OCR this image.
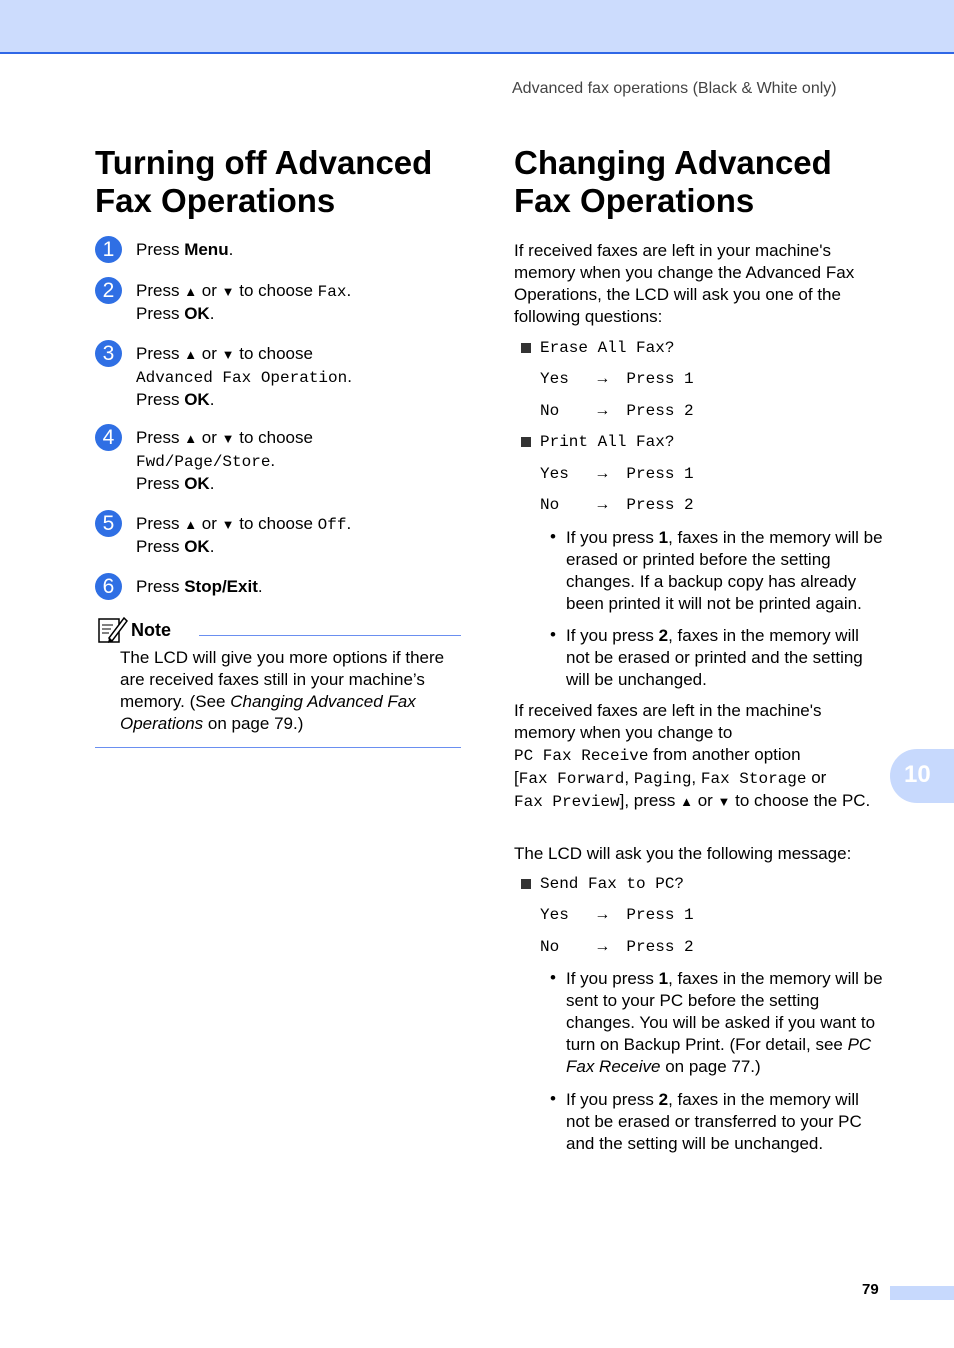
Advanced fax operations (Black & White only)
Turning off Advanced
Fax Operations
1	Press Menu.
2	Press ▲ or ▼ to choose Fax.
Press OK.
3	Press ▲ or ▼ to choose
Advanced Fax Operation.
Press OK.
4	Press ▲ or ▼ to choose
Fwd/Page/Store.
Press OK.
5	Press ▲ or ▼ to choose Off.
Press OK.
6	Press Stop/Exit.
Note
The LCD will give you more options if there are received faxes still in your machine’s memory. (See Changing Advanced Fax Operations on page 79.)
Changing Advanced
Fax Operations
If received faxes are left in your machine's memory when you change the Advanced Fax Operations, the LCD will ask you one of the following questions:
Erase All Fax?
Yes   →  Press 1
No    →  Press 2
Print All Fax?
Yes   →  Press 1
No    →  Press 2
• If you press 1, faxes in the memory will be erased or printed before the setting changes. If a backup copy has already been printed it will not be printed again.
• If you press 2, faxes in the memory will not be erased or printed and the setting will be unchanged.
If received faxes are left in the machine's memory when you change to
PC Fax Receive from another option
[Fax Forward, Paging, Fax Storage or
Fax Preview], press ▲ or ▼ to choose the PC.
The LCD will ask you the following message:
Send Fax to PC?
Yes   →  Press 1
No    →  Press 2
• If you press 1, faxes in the memory will be sent to your PC before the setting changes. You will be asked if you want to turn on Backup Print. (For detail, see PC Fax Receive on page 77.)
• If you press 2, faxes in the memory will not be erased or transferred to your PC and the setting will be unchanged.
10
79
